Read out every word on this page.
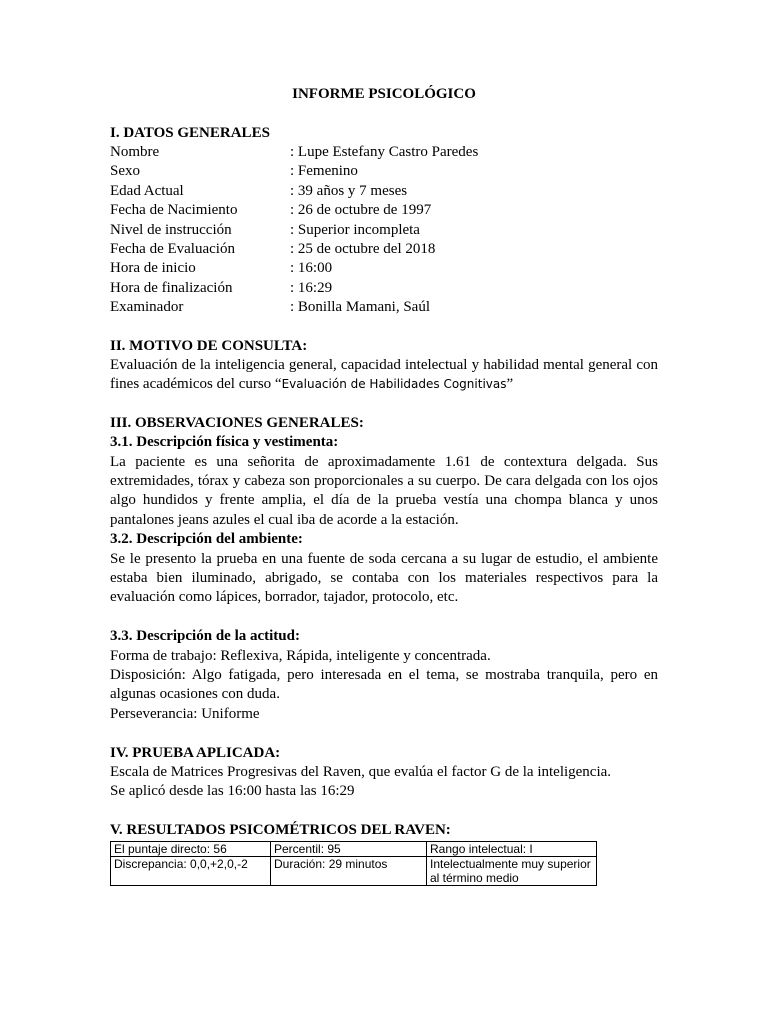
INFORME PSICOLÓGICO
I. DATOS GENERALES
Nombre	: Lupe Estefany Castro Paredes
Sexo	: Femenino
Edad Actual	: 39 años y 7 meses
Fecha de Nacimiento	: 26 de octubre de 1997
Nivel de instrucción	: Superior incompleta
Fecha de Evaluación	: 25 de octubre del 2018
Hora de inicio	: 16:00
Hora de finalización	: 16:29
Examinador	: Bonilla Mamani, Saúl
II. MOTIVO DE CONSULTA:

Evaluación de la inteligencia general, capacidad intelectual y habilidad mental general con fines académicos del curso “Evaluación de Habilidades Cognitivas”

III. OBSERVACIONES GENERALES:
3.1. Descripción física y vestimenta:

La paciente es una señorita de aproximadamente 1.61 de contextura delgada. Sus extremidades, tórax y cabeza son proporcionales a su cuerpo. De cara delgada con los ojos algo hundidos y frente amplia, el día de la prueba vestía una chompa blanca y unos pantalones jeans azules el cual iba de acorde a la estación.

3.2. Descripción del ambiente:

Se le presento la prueba en una fuente de soda cercana a su lugar de estudio, el ambiente estaba bien iluminado, abrigado, se contaba con los materiales respectivos para la evaluación como lápices, borrador, tajador, protocolo, etc.

3.3. Descripción de la actitud:

Forma de trabajo: Reflexiva, Rápida, inteligente y concentrada.

Disposición: Algo fatigada, pero interesada en el tema, se mostraba tranquila, pero en algunas ocasiones con duda.

Perseverancia: Uniforme

IV. PRUEBA APLICADA:

Escala de Matrices Progresivas del Raven, que evalúa el factor G de la inteligencia.

Se aplicó desde las 16:00 hasta las 16:29

V. RESULTADOS PSICOMÉTRICOS DEL RAVEN:
El puntaje directo: 56	Percentil: 95	Rango intelectual: I
Discrepancia: 0,0,+2,0,-2	Duración: 29 minutos	Intelectualmente muy superior al término medio
